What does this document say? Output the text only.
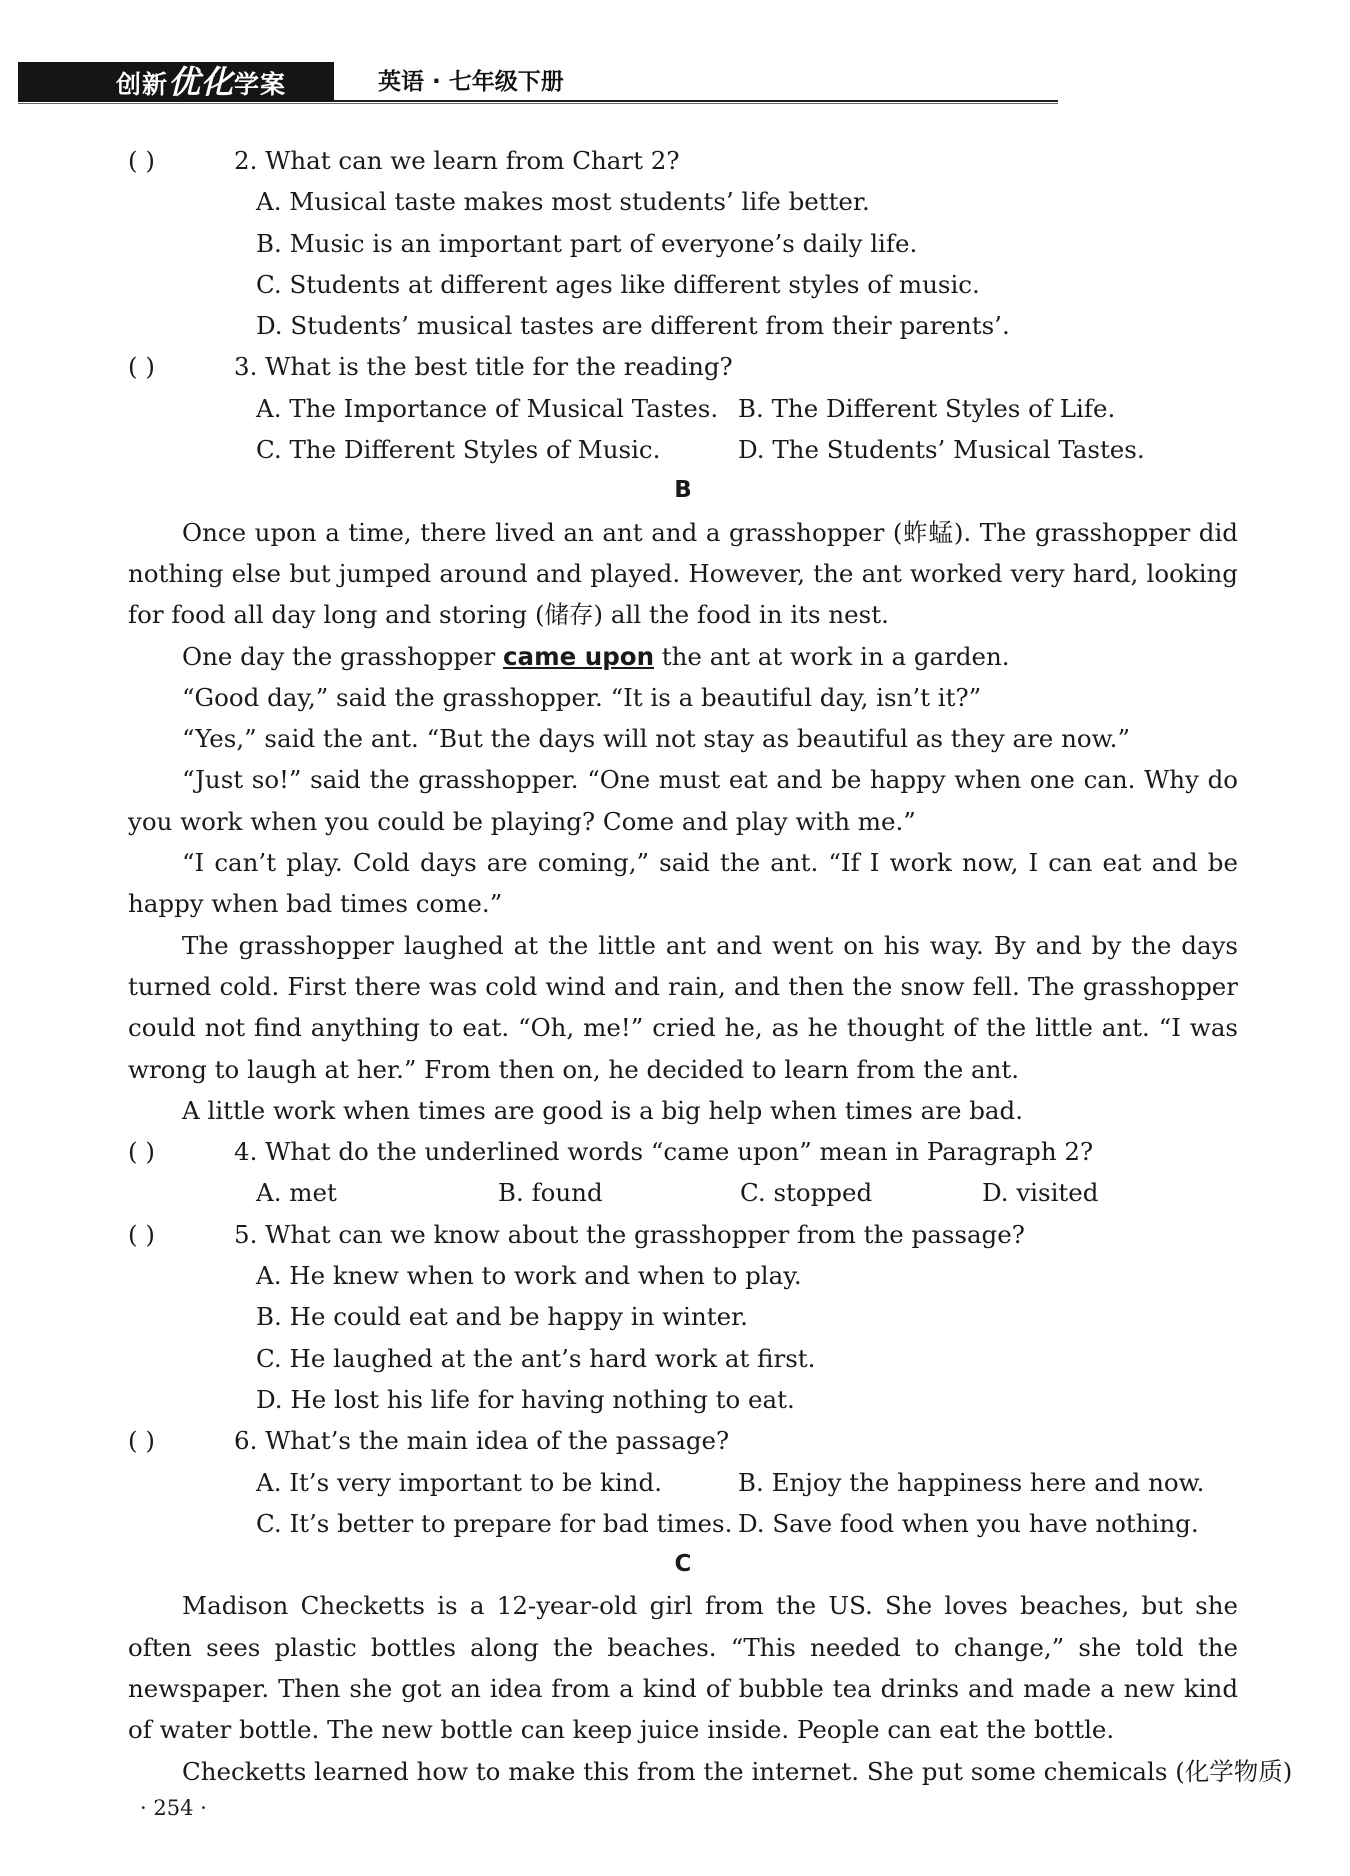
创新优化学案	英语 · 七年级下册
( )	2. What can we learn from Chart 2?
A. Musical taste makes most students’ life better.
B. Music is an important part of everyone’s daily life.
C. Students at different ages like different styles of music.
D. Students’ musical tastes are different from their parents’.
( )	3. What is the best title for the reading?
A. The Importance of Musical Tastes. B. The Different Styles of Life.
C. The Different Styles of Music.	D. The Students’ Musical Tastes.
B
Once upon a time, there lived an ant and a grasshopper (蚱蜢). The grasshopper did nothing else but jumped around and played. However, the ant worked very hard, looking for food all day long and storing (储存) all the food in its nest.
One day the grasshopper came upon the ant at work in a garden.
“Good day,” said the grasshopper. “It is a beautiful day, isn’t it?”
“Yes,” said the ant. “But the days will not stay as beautiful as they are now.”
“Just so!” said the grasshopper. “One must eat and be happy when one can. Why do you work when you could be playing? Come and play with me.”
“I can’t play. Cold days are coming,” said the ant. “If I work now, I can eat and be happy when bad times come.”
The grasshopper laughed at the little ant and went on his way. By and by the days turned cold. First there was cold wind and rain, and then the snow fell. The grasshopper could not find anything to eat. “Oh, me!” cried he, as he thought of the little ant. “I was wrong to laugh at her.” From then on, he decided to learn from the ant.
A little work when times are good is a big help when times are bad.
( )	4. What do the underlined words “came upon” mean in Paragraph 2?
A. met	B. found	C. stopped	D. visited
( )	5. What can we know about the grasshopper from the passage?
A. He knew when to work and when to play.
B. He could eat and be happy in winter.
C. He laughed at the ant’s hard work at first.
D. He lost his life for having nothing to eat.
( )	6. What’s the main idea of the passage?
A. It’s very important to be kind.	B. Enjoy the happiness here and now.
C. It’s better to prepare for bad times. D. Save food when you have nothing.
C
Madison Checketts is a 12-year-old girl from the US. She loves beaches, but she often sees plastic bottles along the beaches. “This needed to change,” she told the newspaper. Then she got an idea from a kind of bubble tea drinks and made a new kind of water bottle. The new bottle can keep juice inside. People can eat the bottle.
Checketts learned how to make this from the internet. She put some chemicals (化学物质)
· 254 ·
